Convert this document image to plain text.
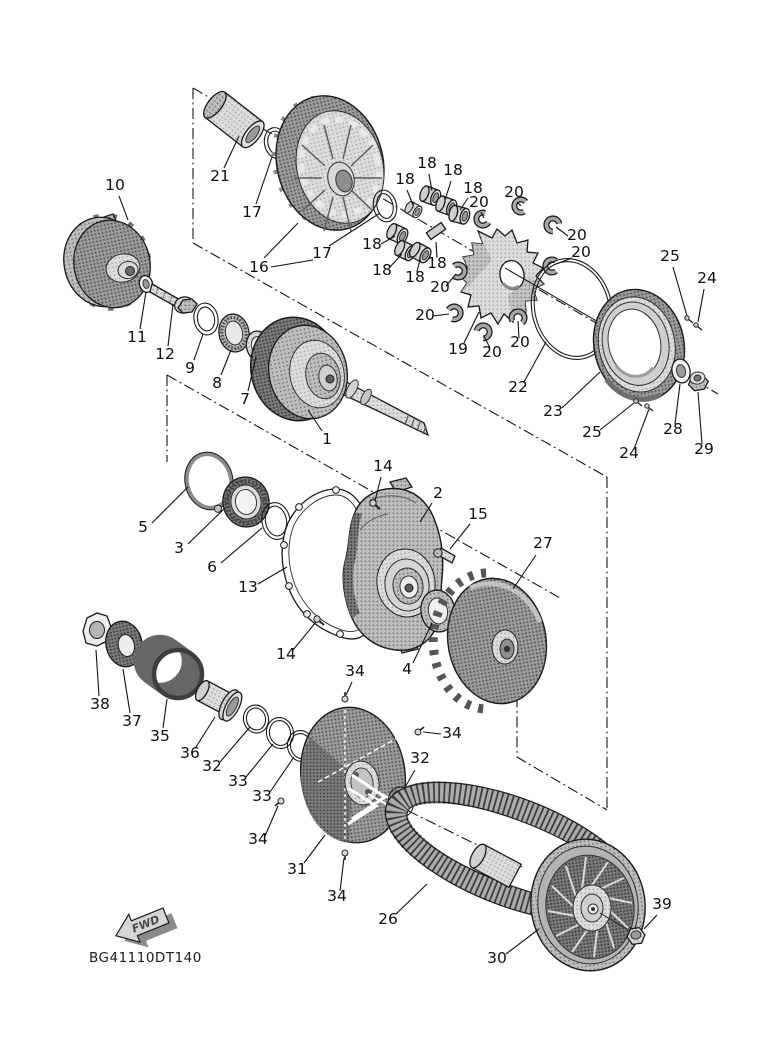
FWD
BG41110DT140
1
2
3
4
5
6
7
8
9
10
11
12
13
14
14
15
16
17
17
18
18 18
18
18
18 18
18
19
20
20
20
20
20
20
20
20
21
22
23
24
24
25
25
26
27
28
29
30
31
32	32
33
33
34
34
34
34
35
36
37
38
39
